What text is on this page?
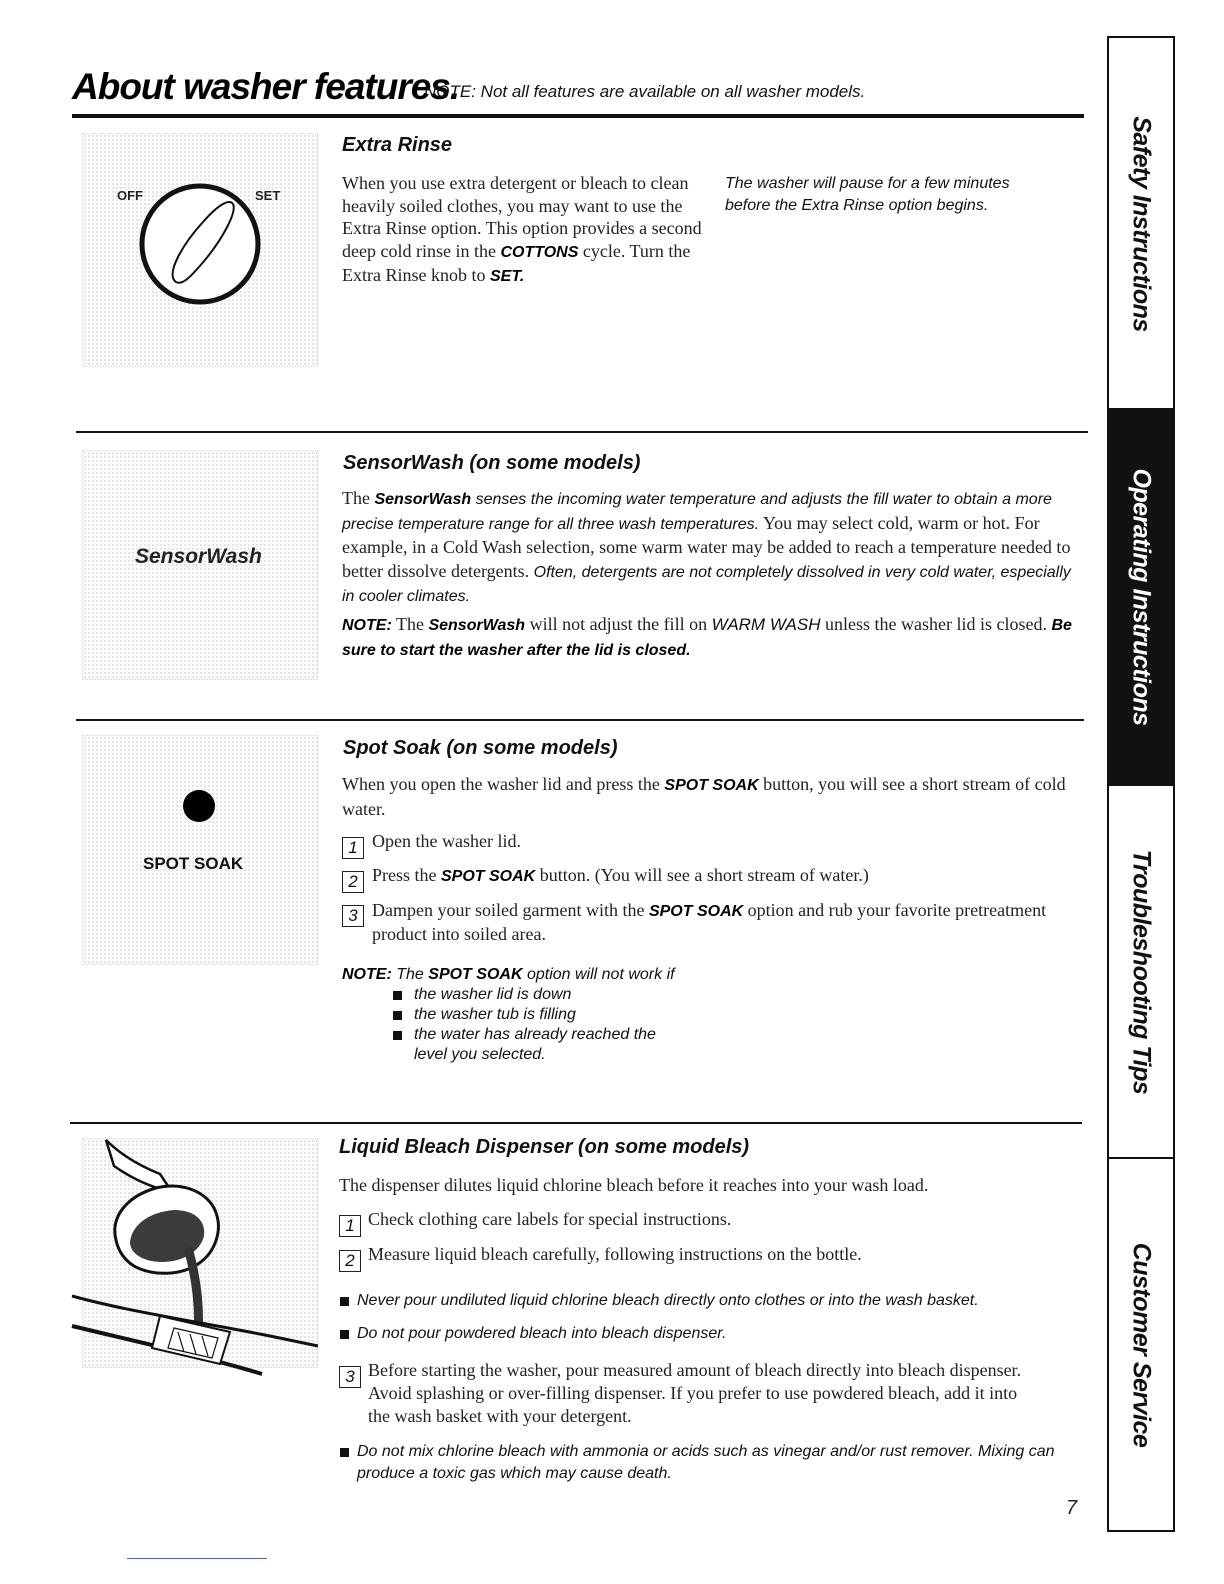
About washer features.
NOTE: Not all features are available on all washer models.
OFF	SET
Extra Rinse
When you use extra detergent or bleach to clean heavily soiled clothes, you may want to use the Extra Rinse option. This option provides a second deep cold rinse in the COTTONS cycle. Turn the Extra Rinse knob to SET.
The washer will pause for a few minutes before the Extra Rinse option begins.
SensorWash
SensorWash (on some models)
The SensorWash senses the incoming water temperature and adjusts the fill water to obtain a more precise temperature range for all three wash temperatures. You may select cold, warm or hot. For example, in a Cold Wash selection, some warm water may be added to reach a temperature needed to better dissolve detergents. Often, detergents are not completely dissolved in very cold water, especially in cooler climates.
NOTE: The SensorWash will not adjust the fill on WARM WASH unless the washer lid is closed. Be sure to start the washer after the lid is closed.
SPOT SOAK
Spot Soak (on some models)
When you open the washer lid and press the SPOT SOAK button, you will see a short stream of cold water.
1 Open the washer lid.
2 Press the SPOT SOAK button. (You will see a short stream of water.)
3 Dampen your soiled garment with the SPOT SOAK option and rub your favorite pretreatment product into soiled area.
NOTE: The SPOT SOAK option will not work if
the washer lid is down
the washer tub is filling
the water has already reached the
level you selected.
Liquid Bleach Dispenser (on some models)
The dispenser dilutes liquid chlorine bleach before it reaches into your wash load.
1 Check clothing care labels for special instructions.
2 Measure liquid bleach carefully, following instructions on the bottle.
Never pour undiluted liquid chlorine bleach directly onto clothes or into the wash basket.
Do not pour powdered bleach into bleach dispenser.
3 Before starting the washer, pour measured amount of bleach directly into bleach dispenser. Avoid splashing or over-filling dispenser. If you prefer to use powdered bleach, add it into the wash basket with your detergent.
Do not mix chlorine bleach with ammonia or acids such as vinegar and/or rust remover. Mixing can produce a toxic gas which may cause death.
Safety Instructions
Operating Instructions
Troubleshooting Tips
Customer Service
7
